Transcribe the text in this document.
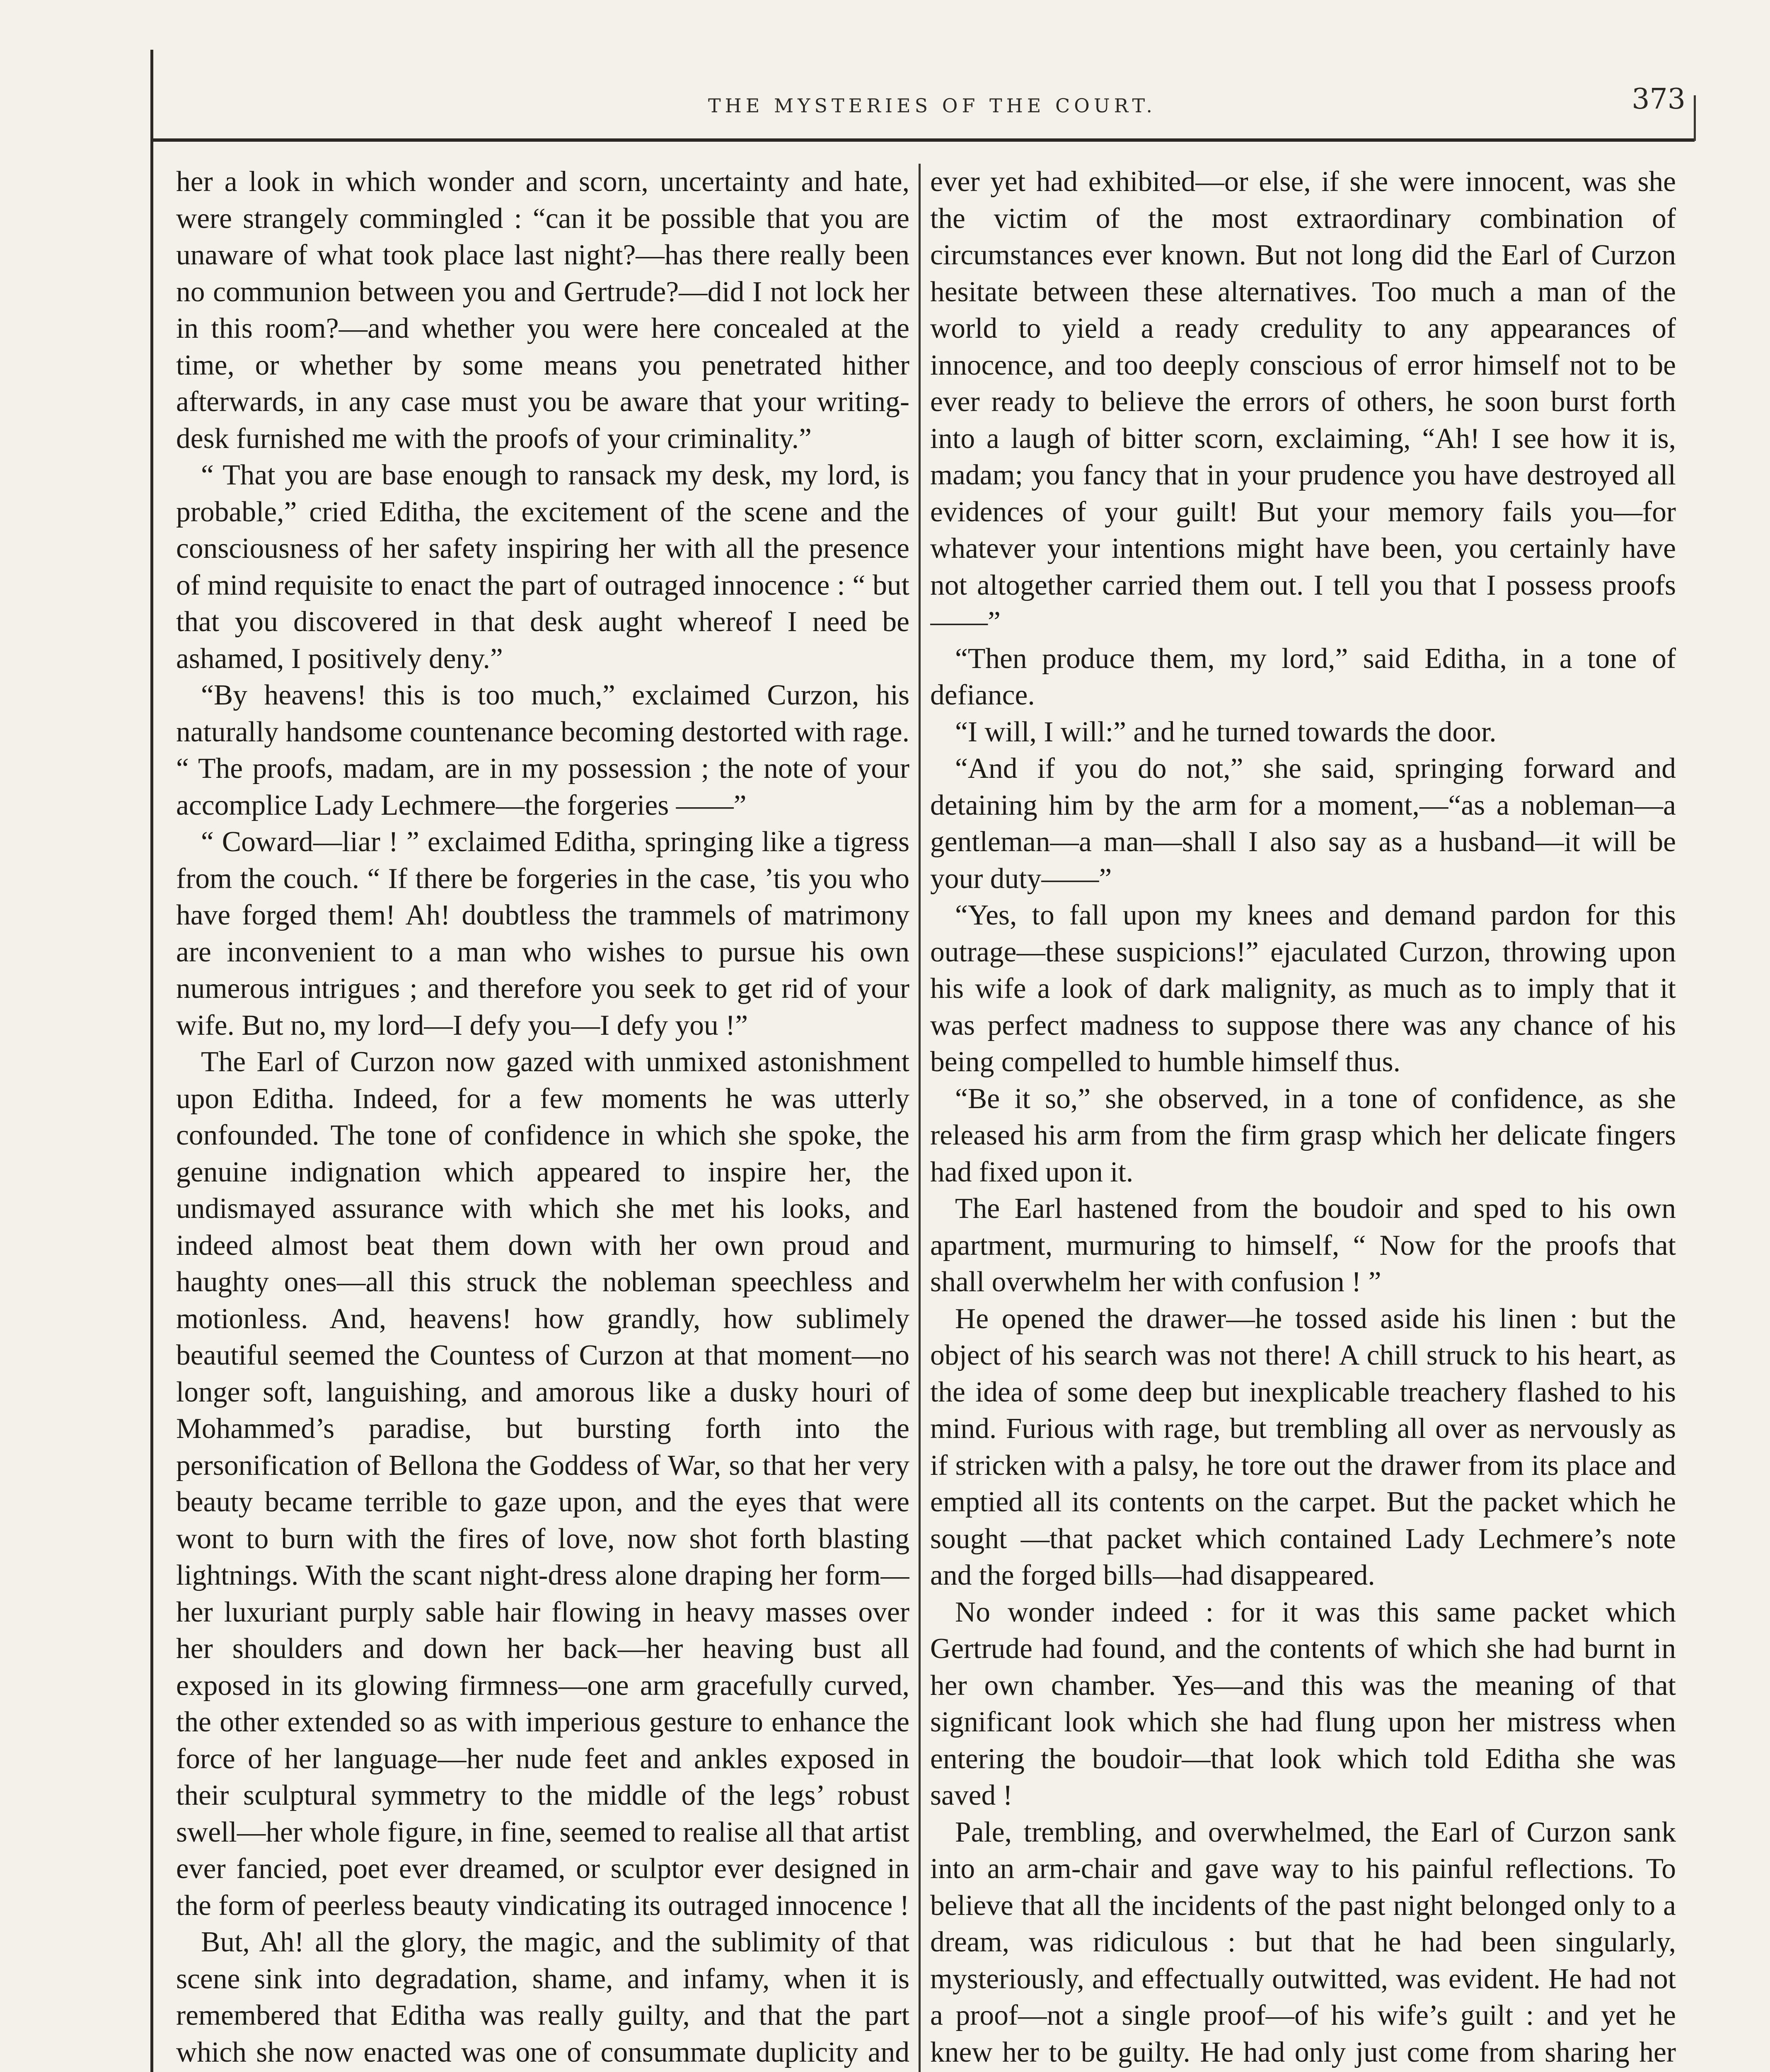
THE MYSTERIES OF THE COURT.	373

her a look in which wonder and scorn, uncertainty and hate, were strangely commingled : “can it be possible that you are unaware of what took place last night?—has there really been no communion between you and Gertrude?—did I not lock her in this room?—and whether you were here concealed at the time, or whether by some means you penetrated hither afterwards, in any case must you be aware that your writing-desk furnished me with the proofs of your criminality.”

“ That you are base enough to ransack my desk, my lord, is probable,” cried Editha, the excitement of the scene and the consciousness of her safety inspiring her with all the presence of mind requisite to enact the part of outraged innocence : “ but that you discovered in that desk aught whereof I need be ashamed, I positively deny.”

“By heavens! this is too much,” exclaimed Curzon, his naturally handsome countenance becoming destorted with rage. “ The proofs, madam, are in my possession ; the note of your accomplice Lady Lechmere—the forgeries ——”

“ Coward—liar ! ” exclaimed Editha, springing like a tigress from the couch. “ If there be forgeries in the case, ’tis you who have forged them! Ah! doubtless the trammels of matrimony are inconvenient to a man who wishes to pursue his own numerous intrigues ; and therefore you seek to get rid of your wife. But no, my lord—I defy you—I defy you !”

The Earl of Curzon now gazed with unmixed astonishment upon Editha. Indeed, for a few moments he was utterly confounded. The tone of confidence in which she spoke, the genuine indignation which appeared to inspire her, the undismayed assurance with which she met his looks, and indeed almost beat them down with her own proud and haughty ones—all this struck the nobleman speechless and motionless. And, heavens! how grandly, how sublimely beautiful seemed the Countess of Curzon at that moment—no longer soft, languishing, and amorous like a dusky houri of Mohammed’s paradise, but bursting forth into the personification of Bellona the Goddess of War, so that her very beauty became terrible to gaze upon, and the eyes that were wont to burn with the fires of love, now shot forth blasting lightnings. With the scant night-dress alone draping her form—her luxuriant purply sable hair flowing in heavy masses over her shoulders and down her back—her heaving bust all exposed in its glowing firmness—one arm gracefully curved, the other extended so as with imperious gesture to enhance the force of her language—her nude feet and ankles exposed in their sculptural symmetry to the middle of the legs’ robust swell—her whole figure, in fine, seemed to realise all that artist ever fancied, poet ever dreamed, or sculptor ever designed in the form of peerless beauty vindicating its outraged innocence !

But, Ah! all the glory, the magic, and the sublimity of that scene sink into degradation, shame, and infamy, when it is remembered that Editha was really guilty, and that the part which she now enacted was one of consummate duplicity and

ever yet had exhibited—or else, if she were innocent, was she the victim of the most extraordinary combination of circumstances ever known. But not long did the Earl of Curzon hesitate between these alternatives. Too much a man of the world to yield a ready credulity to any appearances of innocence, and too deeply conscious of error himself not to be ever ready to believe the errors of others, he soon burst forth into a laugh of bitter scorn, exclaiming, “Ah! I see how it is, madam; you fancy that in your prudence you have destroyed all evidences of your guilt! But your memory fails you—for whatever your intentions might have been, you certainly have not altogether carried them out. I tell you that I possess proofs——”

“Then produce them, my lord,” said Editha, in a tone of defiance.

“I will, I will:” and he turned towards the door.

“And if you do not,” she said, springing forward and detaining him by the arm for a moment,—“as a nobleman—a gentleman—a man—shall I also say as a husband—it will be your duty——”

“Yes, to fall upon my knees and demand pardon for this outrage—these suspicions!” ejaculated Curzon, throwing upon his wife a look of dark malignity, as much as to imply that it was perfect madness to suppose there was any chance of his being compelled to humble himself thus.

“Be it so,” she observed, in a tone of confidence, as she released his arm from the firm grasp which her delicate fingers had fixed upon it.

The Earl hastened from the boudoir and sped to his own apartment, murmuring to himself, “ Now for the proofs that shall overwhelm her with confusion ! ”

He opened the drawer—he tossed aside his linen : but the object of his search was not there! A chill struck to his heart, as the idea of some deep but inexplicable treachery flashed to his mind. Furious with rage, but trembling all over as nervously as if stricken with a palsy, he tore out the drawer from its place and emptied all its contents on the carpet. But the packet which he sought —that packet which contained Lady Lechmere’s note and the forged bills—had disappeared.

No wonder indeed : for it was this same packet which Gertrude had found, and the contents of which she had burnt in her own chamber. Yes—and this was the meaning of that significant look which she had flung upon her mistress when entering the boudoir—that look which told Editha she was saved !

Pale, trembling, and overwhelmed, the Earl of Curzon sank into an arm-chair and gave way to his painful reflections. To believe that all the incidents of the past night belonged only to a dream, was ridiculous : but that he had been singularly, mysteriously, and effectually outwitted, was evident. He had not a proof—not a single proof—of his wife’s guilt : and yet he knew her to be guilty. He had only just come from sharing her
